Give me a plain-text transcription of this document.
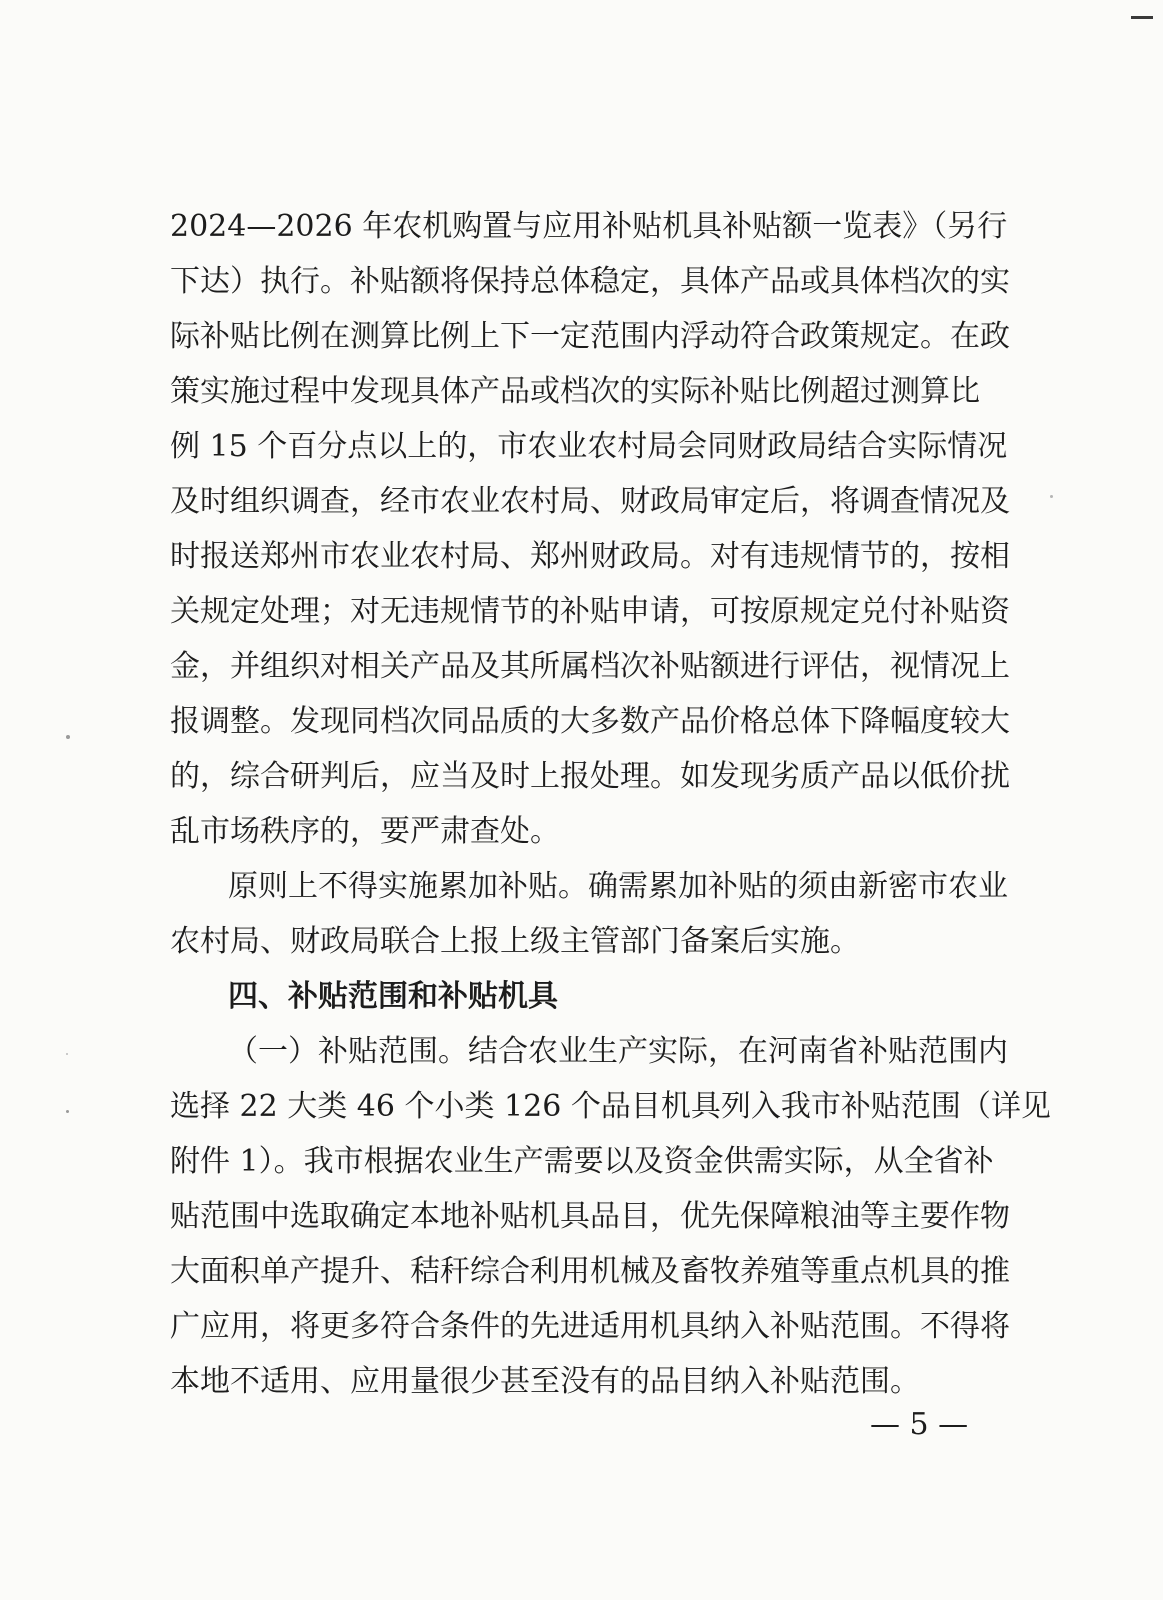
2024—2026 年农机购置与应用补贴机具补贴额一览表》（另行

下达）执行。补贴额将保持总体稳定，具体产品或具体档次的实

际补贴比例在测算比例上下一定范围内浮动符合政策规定。在政

策实施过程中发现具体产品或档次的实际补贴比例超过测算比

例 15 个百分点以上的，市农业农村局会同财政局结合实际情况

及时组织调查，经市农业农村局、财政局审定后，将调查情况及

时报送郑州市农业农村局、郑州财政局。对有违规情节的，按相

关规定处理；对无违规情节的补贴申请，可按原规定兑付补贴资

金，并组织对相关产品及其所属档次补贴额进行评估，视情况上

报调整。发现同档次同品质的大多数产品价格总体下降幅度较大

的，综合研判后，应当及时上报处理。如发现劣质产品以低价扰

乱市场秩序的，要严肃查处。

原则上不得实施累加补贴。确需累加补贴的须由新密市农业

农村局、财政局联合上报上级主管部门备案后实施。

四、补贴范围和补贴机具

（一）补贴范围。结合农业生产实际，在河南省补贴范围内

选择 22 大类 46 个小类 126 个品目机具列入我市补贴范围（详见

附件 1）。我市根据农业生产需要以及资金供需实际，从全省补

贴范围中选取确定本地补贴机具品目，优先保障粮油等主要作物

大面积单产提升、秸秆综合利用机械及畜牧养殖等重点机具的推

广应用，将更多符合条件的先进适用机具纳入补贴范围。不得将

本地不适用、应用量很少甚至没有的品目纳入补贴范围。

— 5 —
